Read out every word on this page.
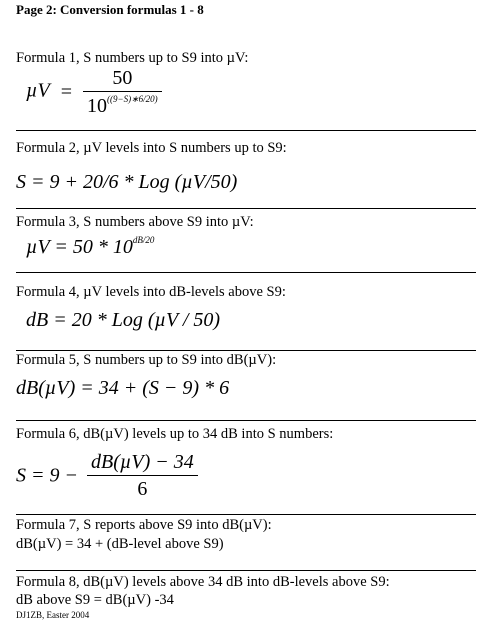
Page 2: Conversion formulas 1 - 8
Formula 1, S numbers up to S9 into µV:
$\mu V = \frac{50}{10^{((9-S)∗6/20)}}$
Formula 2, µV levels into S numbers up to S9:
S = 9 + 20/6 * Log (µV/50)
Formula 3, S numbers above S9 into µV:
$\mu V = 50 * 10^{dB/20}$
Formula 4, µV levels into dB-levels above S9:
dB = 20 * Log (µV / 50)
Formula 5, S numbers up to S9 into dB(µV):
dB(µV) = 34 + (S − 9) * 6
Formula 6, dB(µV) levels up to 34 dB into S numbers:
$S = 9 - \frac{\text{dB(µV) − 34}}{6}$
Formula 7, S reports above S9 into dB(µV):
dB(µV) = 34 + (dB-level above S9)
Formula 8, dB(µV) levels above 34 dB into dB-levels above S9:
dB above S9 = dB(µV) -34
DJ1ZB, Easter 2004
